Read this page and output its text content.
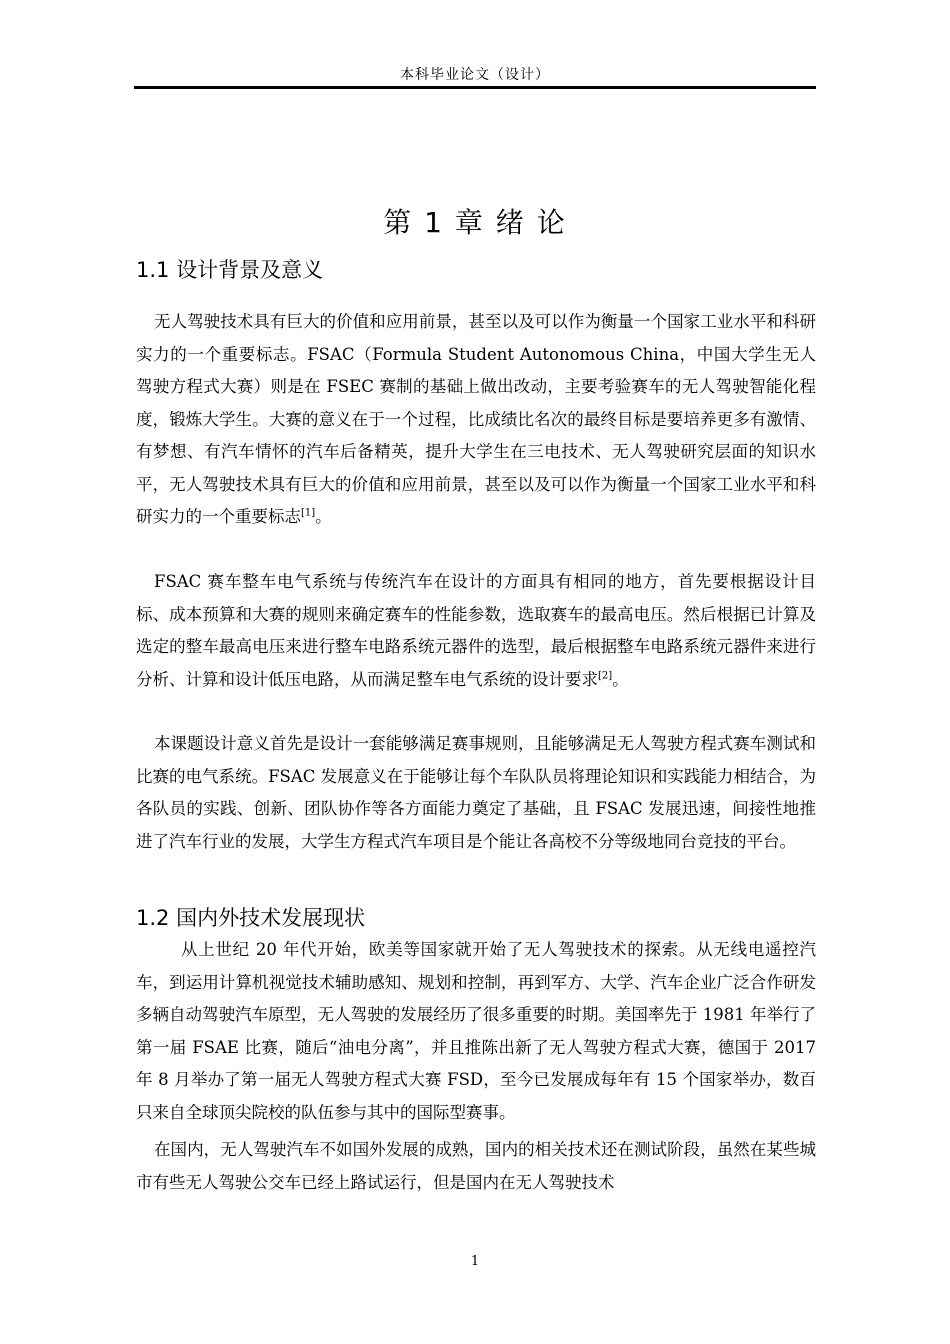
本科毕业论文（设计）
第 1 章 绪 论
1.1 设计背景及意义

无人驾驶技术具有巨大的价值和应用前景，甚至以及可以作为衡量一个国家工业水平和科研实力的一个重要标志。FSAC（Formula Student Autonomous China，中国大学生无人驾驶方程式大赛）则是在 FSEC 赛制的基础上做出改动，主要考验赛车的无人驾驶智能化程度，锻炼大学生。大赛的意义在于一个过程，比成绩比名次的最终目标是要培养更多有激情、有梦想、有汽车情怀的汽车后备精英，提升大学生在三电技术、无人驾驶研究层面的知识水平，无人驾驶技术具有巨大的价值和应用前景，甚至以及可以作为衡量一个国家工业水平和科研实力的一个重要标志[1]。

FSAC 赛车整车电气系统与传统汽车在设计的方面具有相同的地方，首先要根据设计目标、成本预算和大赛的规则来确定赛车的性能参数，选取赛车的最高电压。然后根据已计算及选定的整车最高电压来进行整车电路系统元器件的选型，最后根据整车电路系统元器件来进行分析、计算和设计低压电路，从而满足整车电气系统的设计要求[2]。

本课题设计意义首先是设计一套能够满足赛事规则，且能够满足无人驾驶方程式赛车测试和比赛的电气系统。FSAC 发展意义在于能够让每个车队队员将理论知识和实践能力相结合，为各队员的实践、创新、团队协作等各方面能力奠定了基础，且 FSAC 发展迅速，间接性地推进了汽车行业的发展，大学生方程式汽车项目是个能让各高校不分等级地同台竞技的平台。

1.2 国内外技术发展现状

从上世纪 20 年代开始，欧美等国家就开始了无人驾驶技术的探索。从无线电遥控汽车，到运用计算机视觉技术辅助感知、规划和控制，再到军方、大学、汽车企业广泛合作研发多辆自动驾驶汽车原型，无人驾驶的发展经历了很多重要的时期。美国率先于 1981 年举行了第一届 FSAE 比赛，随后“油电分离”，并且推陈出新了无人驾驶方程式大赛，德国于 2017 年 8 月举办了第一届无人驾驶方程式大赛 FSD，至今已发展成每年有 15 个国家举办，数百只来自全球顶尖院校的队伍参与其中的国际型赛事。

在国内，无人驾驶汽车不如国外发展的成熟，国内的相关技术还在测试阶段，虽然在某些城市有些无人驾驶公交车已经上路试运行，但是国内在无人驾驶技术

1
